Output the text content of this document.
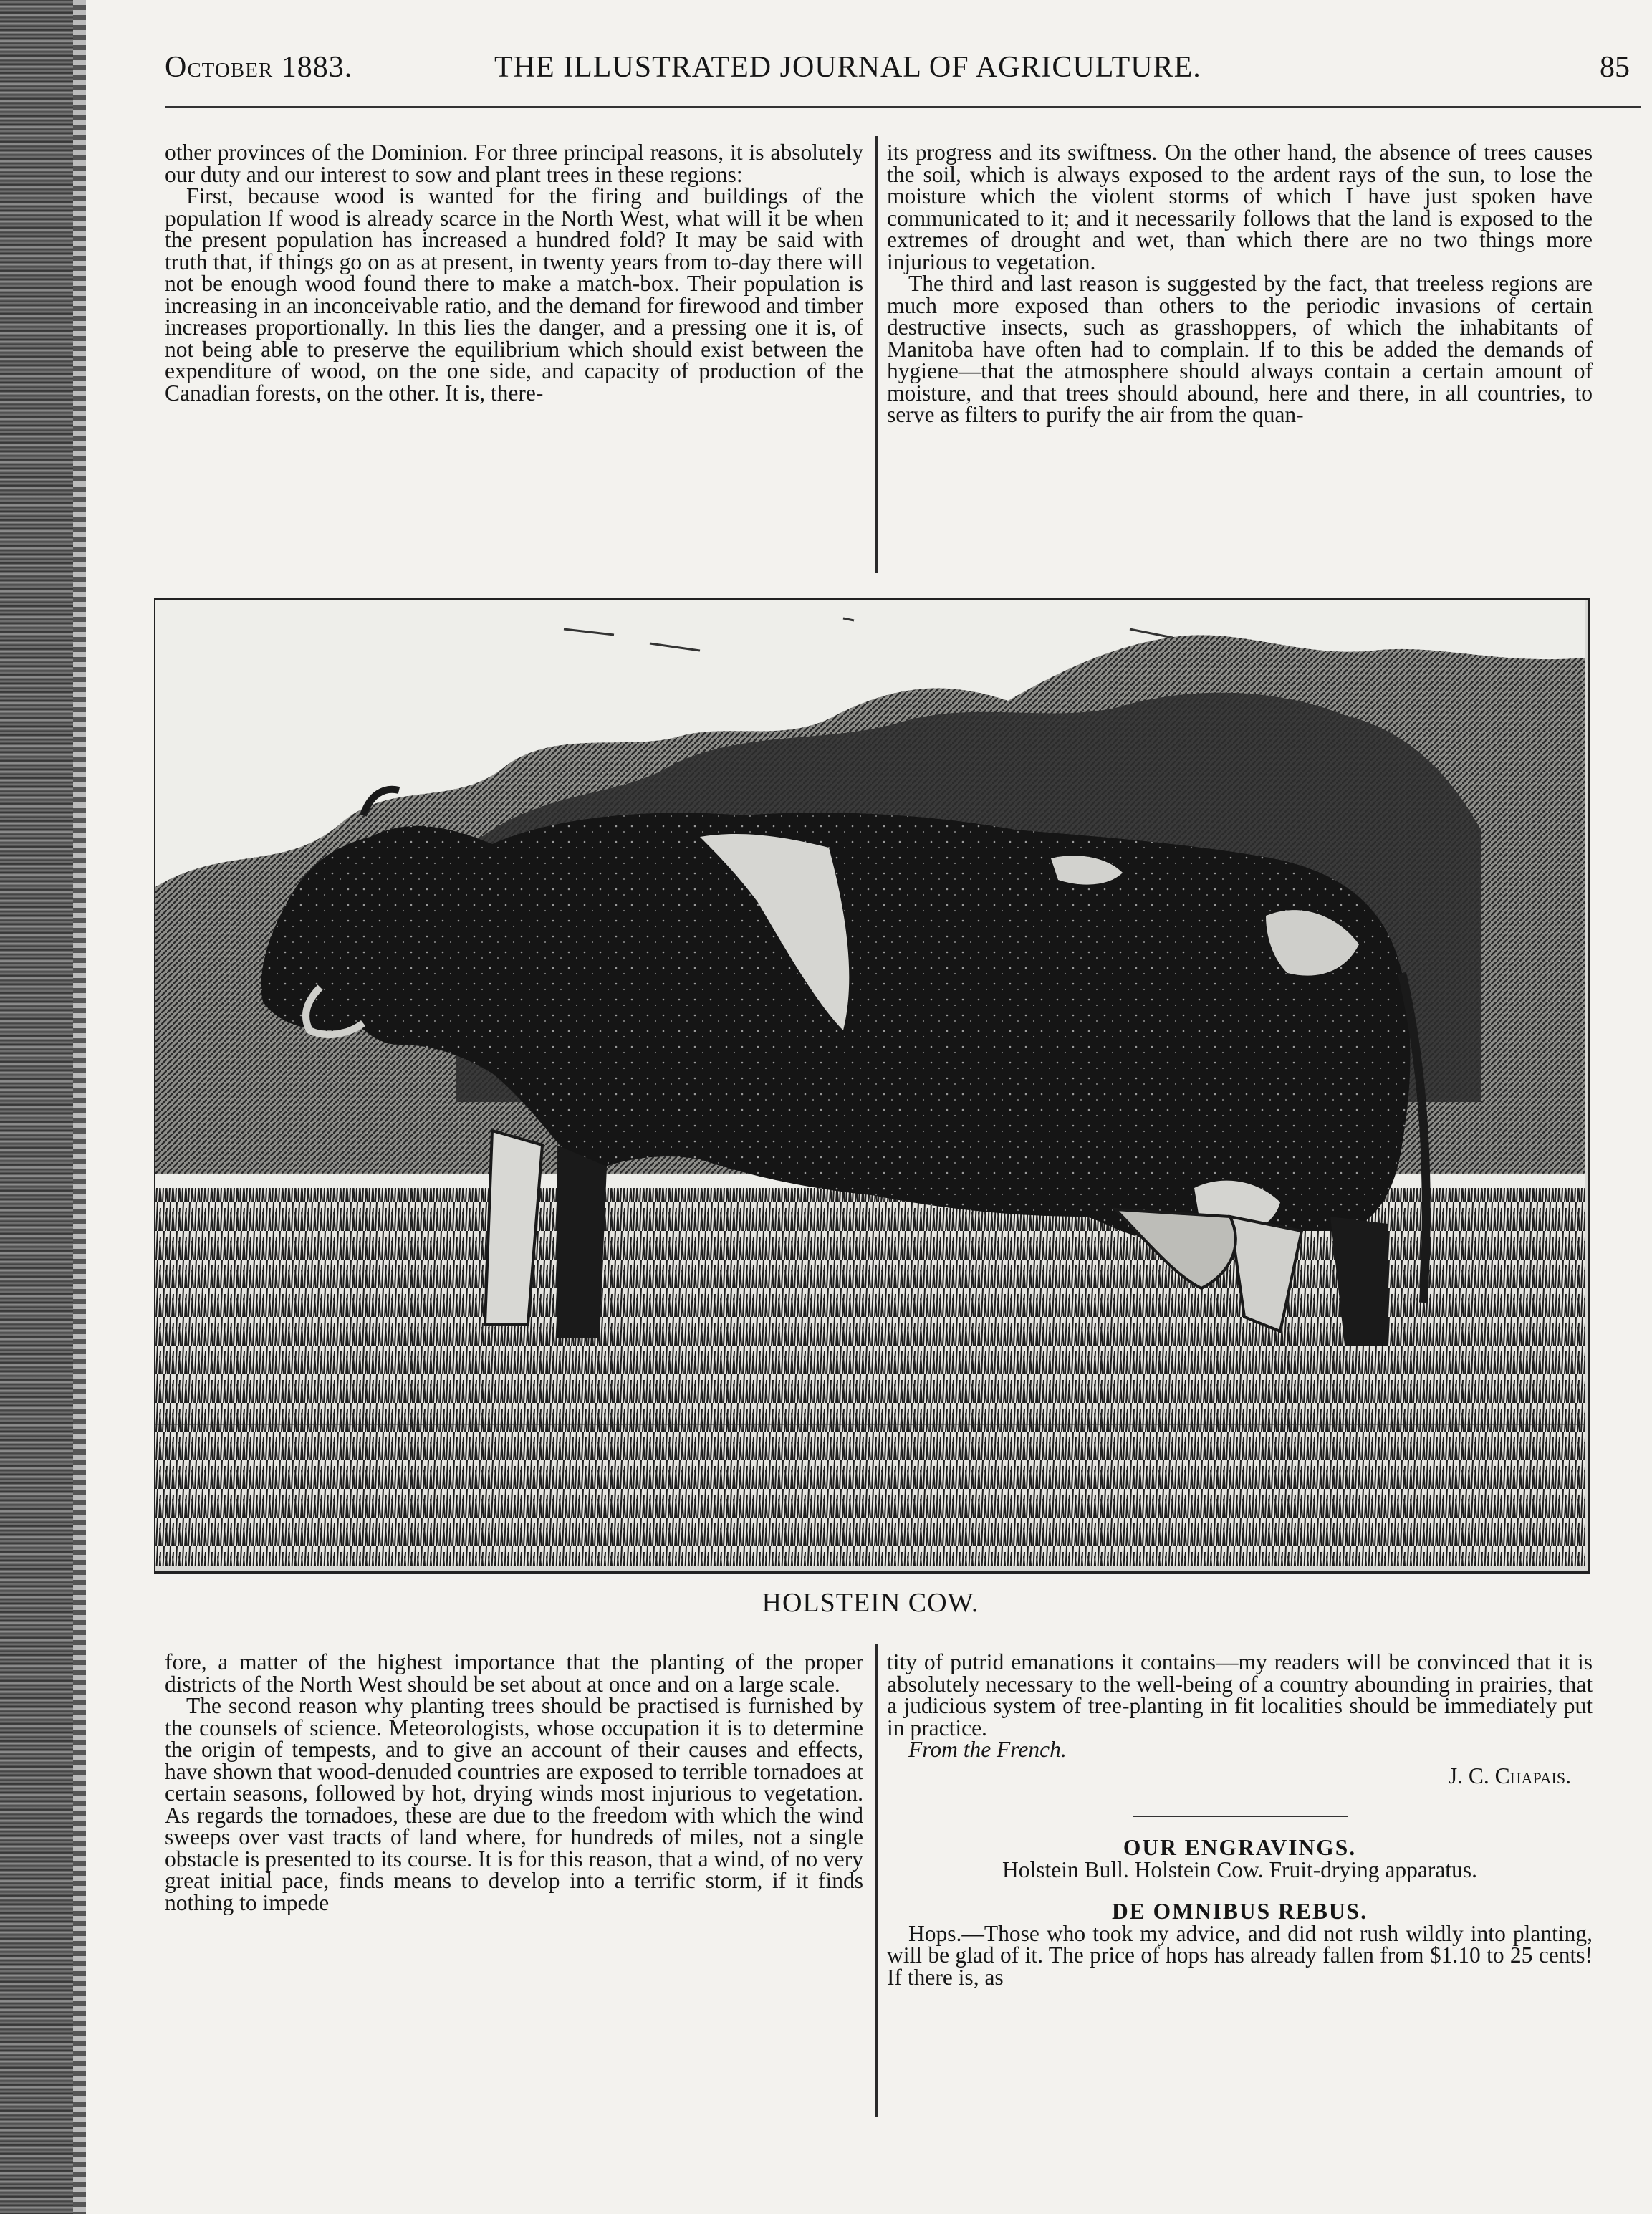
October 1883.	THE ILLUSTRATED JOURNAL OF AGRICULTURE.	85

other provinces of the Dominion. For three principal reasons, it is absolutely our duty and our interest to sow and plant trees in these regions:

First, because wood is wanted for the firing and buildings of the population If wood is already scarce in the North West, what will it be when the present population has increased a hundred fold? It may be said with truth that, if things go on as at present, in twenty years from to-day there will not be enough wood found there to make a match-box. Their population is increasing in an inconceivable ratio, and the demand for firewood and timber increases proportionally. In this lies the danger, and a pressing one it is, of not being able to preserve the equilibrium which should exist between the expenditure of wood, on the one side, and capacity of production of the Canadian forests, on the other. It is, there-

its progress and its swiftness. On the other hand, the absence of trees causes the soil, which is always exposed to the ardent rays of the sun, to lose the moisture which the violent storms of which I have just spoken have communicated to it; and it necessarily follows that the land is exposed to the extremes of drought and wet, than which there are no two things more injurious to vegetation.

The third and last reason is suggested by the fact, that treeless regions are much more exposed than others to the periodic invasions of certain destructive insects, such as grasshoppers, of which the inhabitants of Manitoba have often had to complain. If to this be added the demands of hygiene—that the atmosphere should always contain a certain amount of moisture, and that trees should abound, here and there, in all countries, to serve as filters to purify the air from the quan-

HOLSTEIN COW.

fore, a matter of the highest importance that the planting of the proper districts of the North West should be set about at once and on a large scale.

The second reason why planting trees should be practised is furnished by the counsels of science. Meteorologists, whose occupation it is to determine the origin of tempests, and to give an account of their causes and effects, have shown that wood-denuded countries are exposed to terrible tornadoes at certain seasons, followed by hot, drying winds most injurious to vegetation. As regards the tornadoes, these are due to the freedom with which the wind sweeps over vast tracts of land where, for hundreds of miles, not a single obstacle is presented to its course. It is for this reason, that a wind, of no very great initial pace, finds means to develop into a terrific storm, if it finds nothing to impede

tity of putrid emanations it contains—my readers will be convinced that it is absolutely necessary to the well-being of a country abounding in prairies, that a judicious system of tree-planting in fit localities should be immediately put in practice.

From the French.

J. C. Chapais.
OUR ENGRAVINGS.
Holstein Bull. Holstein Cow. Fruit-drying apparatus.
DE OMNIBUS REBUS.

Hops.—Those who took my advice, and did not rush wildly into planting, will be glad of it. The price of hops has already fallen from $1.10 to 25 cents! If there is, as
